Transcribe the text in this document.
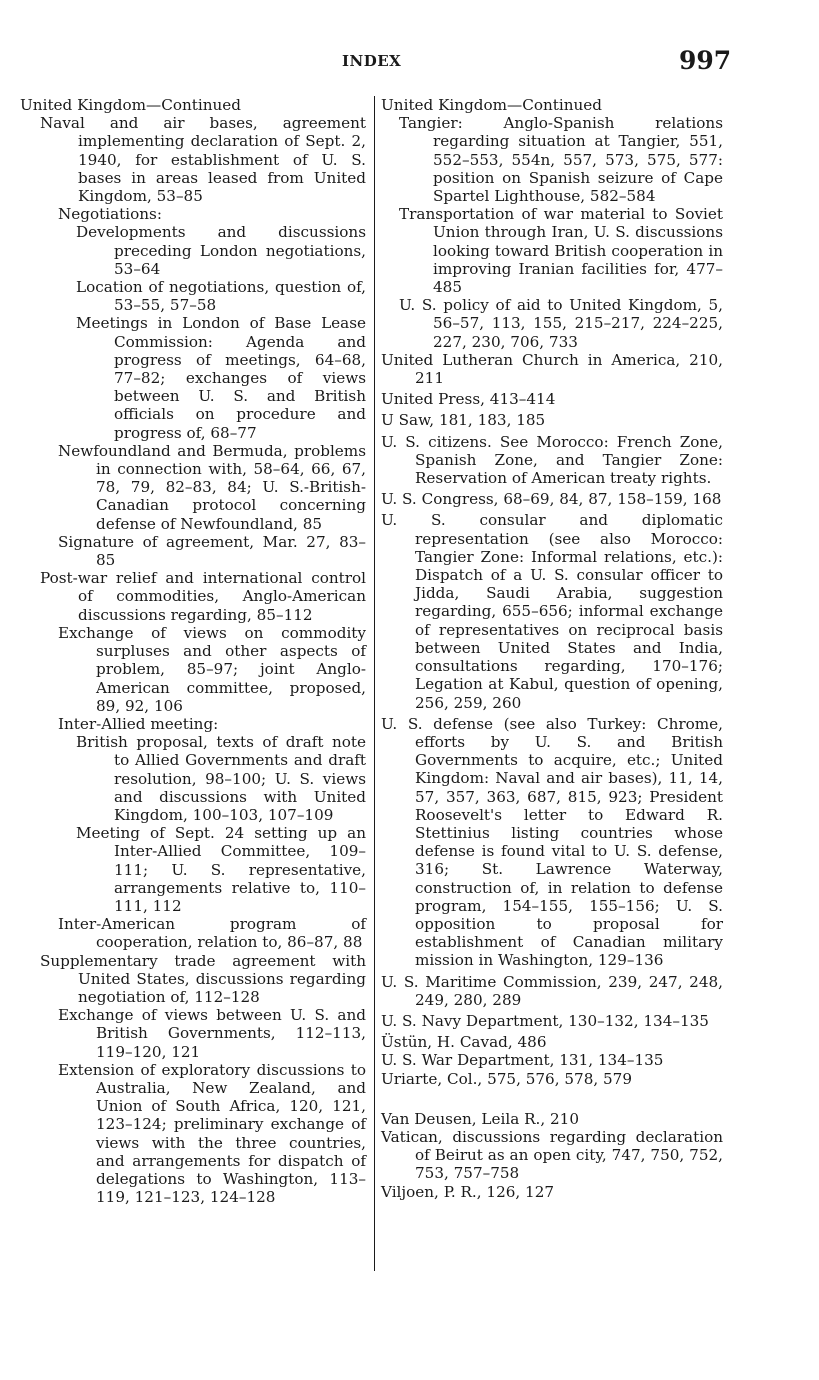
INDEX	997
United Kingdom—Continued
Naval and air bases, agreement implementing declaration of Sept. 2, 1940, for establishment of U. S. bases in areas leased from United Kingdom, 53–85
Negotiations:
Developments and discussions preceding London negotiations, 53–64
Location of negotiations, question of, 53–55, 57–58
Meetings in London of Base Lease Commission: Agenda and progress of meetings, 64–68, 77–82; exchanges of views between U. S. and British officials on procedure and progress of, 68–77
Newfoundland and Bermuda, problems in connection with, 58–64, 66, 67, 78, 79, 82–83, 84; U. S.-British-Canadian protocol concerning defense of Newfoundland, 85
Signature of agreement, Mar. 27, 83–85
Post-war relief and international control of commodities, Anglo-American discussions regarding, 85–112
Exchange of views on commodity surpluses and other aspects of problem, 85–97; joint Anglo-American committee, proposed, 89, 92, 106
Inter-Allied meeting:
British proposal, texts of draft note to Allied Governments and draft resolution, 98–100; U. S. views and discussions with United Kingdom, 100–103, 107–109
Meeting of Sept. 24 setting up an Inter-Allied Committee, 109–111; U. S. representative, arrangements relative to, 110–111, 112
Inter-American program of cooperation, relation to, 86–87, 88
Supplementary trade agreement with United States, discussions regarding negotiation of, 112–128
Exchange of views between U. S. and British Governments, 112–113, 119–120, 121
Extension of exploratory discussions to Australia, New Zealand, and Union of South Africa, 120, 121, 123–124; preliminary exchange of views with the three countries, and arrangements for dispatch of delegations to Washington, 113–119, 121–123, 124–128
United Kingdom—Continued
Tangier: Anglo-Spanish relations regarding situation at Tangier, 551, 552–553, 554n, 557, 573, 575, 577: position on Spanish seizure of Cape Spartel Lighthouse, 582–584
Transportation of war material to Soviet Union through Iran, U. S. discussions looking toward British cooperation in improving Iranian facilities for, 477–485
U. S. policy of aid to United Kingdom, 5, 56–57, 113, 155, 215–217, 224–225, 227, 230, 706, 733
United Lutheran Church in America, 210, 211
United Press, 413–414
U Saw, 181, 183, 185
U. S. citizens. See Morocco: French Zone, Spanish Zone, and Tangier Zone: Reservation of American treaty rights.
U. S. Congress, 68–69, 84, 87, 158–159, 168
U. S. consular and diplomatic representation (see also Morocco: Tangier Zone: Informal relations, etc.): Dispatch of a U. S. consular officer to Jidda, Saudi Arabia, suggestion regarding, 655–656; informal exchange of representatives on reciprocal basis between United States and India, consultations regarding, 170–176; Legation at Kabul, question of opening, 256, 259, 260
U. S. defense (see also Turkey: Chrome, efforts by U. S. and British Governments to acquire, etc.; United Kingdom: Naval and air bases), 11, 14, 57, 357, 363, 687, 815, 923; President Roosevelt's letter to Edward R. Stettinius listing countries whose defense is found vital to U. S. defense, 316; St. Lawrence Waterway, construction of, in relation to defense program, 154–155, 155–156; U. S. opposition to proposal for establishment of Canadian military mission in Washington, 129–136
U. S. Maritime Commission, 239, 247, 248, 249, 280, 289
U. S. Navy Department, 130–132, 134–135
Üstün, H. Cavad, 486
U. S. War Department, 131, 134–135
Uriarte, Col., 575, 576, 578, 579
Van Deusen, Leila R., 210
Vatican, discussions regarding declaration of Beirut as an open city, 747, 750, 752, 753, 757–758
Viljoen, P. R., 126, 127
